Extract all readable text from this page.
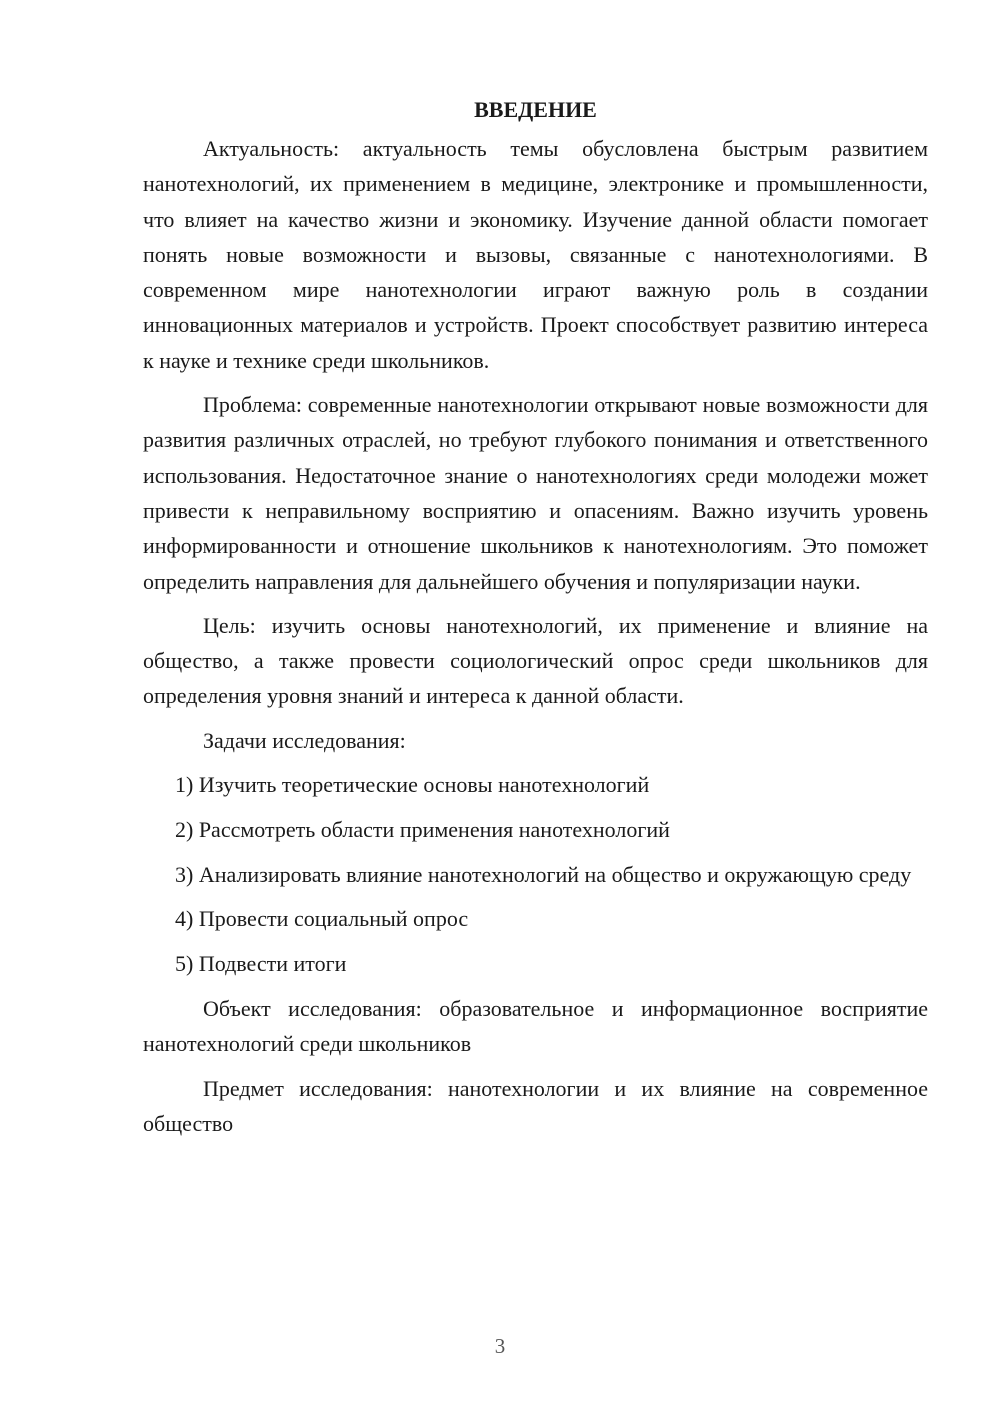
ВВЕДЕНИЕ

Актуальность: актуальность темы обусловлена быстрым развитием нанотехнологий, их применением в медицине, электронике и промышленности, что влияет на качество жизни и экономику. Изучение данной области помогает понять новые возможности и вызовы, связанные с нанотехнологиями. В современном мире нанотехнологии играют важную роль в создании инновационных материалов и устройств. Проект способствует развитию интереса к науке и технике среди школьников.

Проблема: современные нанотехнологии открывают новые возможности для развития различных отраслей, но требуют глубокого понимания и ответственного использования. Недостаточное знание о нанотехнологиях среди молодежи может привести к неправильному восприятию и опасениям. Важно изучить уровень информированности и отношение школьников к нанотехнологиям. Это поможет определить направления для дальнейшего обучения и популяризации науки.

Цель: изучить основы нанотехнологий, их применение и влияние на общество, а также провести социологический опрос среди школьников для определения уровня знаний и интереса к данной области.

Задачи исследования:

1) Изучить теоретические основы нанотехнологий

2) Рассмотреть области применения нанотехнологий

3) Анализировать влияние нанотехнологий на общество и окружающую среду

4) Провести социальный опрос

5) Подвести итоги

Объект исследования: образовательное и информационное восприятие нанотехнологий среди школьников

Предмет исследования: нанотехнологии и их влияние на современное общество

3
